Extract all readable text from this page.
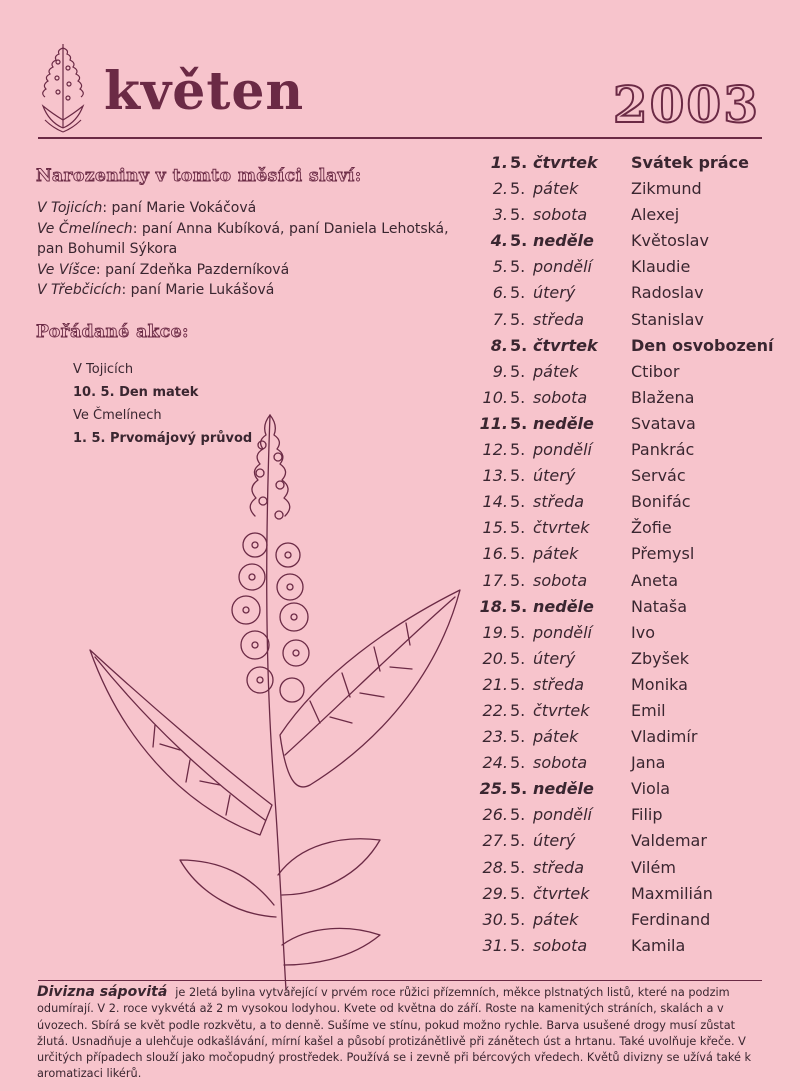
květen	2003
Narozeniny v tomto měsíci slaví:
V Tojicích: paní Marie Vokáčová
Ve Čmelínech: paní Anna Kubíková, paní Daniela Lehotská, pan Bohumil Sýkora
Ve Víšce: paní Zdeňka Pazderníková
V Třebčicích: paní Marie Lukášová
Pořádané akce:
V Tojicích
10. 5. Den matek
Ve Čmelínech
1. 5. Prvomájový průvod
1. 5. čtvrtek Svátek práce
2. 5. pátek	Zikmund
3. 5. sobota	Alexej
4. 5. neděle Květoslav
5. 5. pondělí Klaudie
6. 5. úterý	Radoslav
7. 5. středa	Stanislav
8. 5. čtvrtek Den osvobození
9. 5. pátek	Ctibor
10. 5. sobota	Blažena
11. 5. neděle Svatava
12. 5. pondělí Pankrác
13. 5. úterý	Servác
14. 5. středa	Bonifác
15. 5. čtvrtek	Žofie
16. 5. pátek	Přemysl
17. 5. sobota	Aneta
18. 5. neděle Nataša
19. 5. pondělí Ivo
20. 5. úterý	Zbyšek
21. 5. středa	Monika
22. 5. čtvrtek	Emil
23. 5. pátek	Vladimír
24. 5. sobota	Jana
25. 5. neděle Viola
26. 5. pondělí Filip
27. 5. úterý	Valdemar
28. 5. středa	Vilém
29. 5. čtvrtek	Maxmilián
30. 5. pátek	Ferdinand
31. 5. sobota	Kamila
Divizna sápovitá je 2letá bylina vytvářející v prvém roce růžici přízemních, měkce plstnatých listů, které na podzim odumírají. V 2. roce vykvétá až 2 m vysokou lodyhou. Kvete od května do září. Roste na kamenitých stráních, skalách a v úvozech. Sbírá se květ podle rozkvětu, a to denně. Sušíme ve stínu, pokud možno rychle. Barva usušené drogy musí zůstat žlutá. Usnadňuje a ulehčuje odkašlávání, mírní kašel a působí protizánětlivě při zánětech úst a hrtanu. Také uvolňuje křeče. V určitých případech slouží jako močopudný prostředek. Používá se i zevně při bércových vředech. Květů divizny se užívá také k aromatizaci likérů.
